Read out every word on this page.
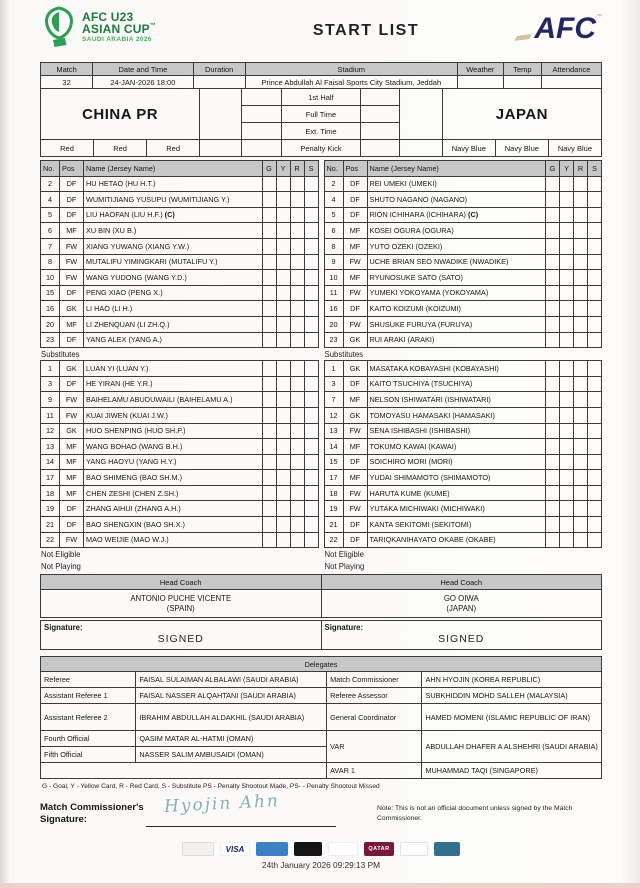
AFC U23
ASIAN CUP™
SAUDI ARABIA 2026
START LIST	AFC™
Match	Date and Time	Duration	Stadium	Weather	Temp	Attendance
32	24-JAN-2026 18:00		Prince Abdullah Al Faisal Sports City Stadium, Jeddah			
CHINA PR					1st Half			JAPAN		
					Full Time					
					Ext. Time					
Red	Red	Red			Penalty Kick			Navy Blue	Navy Blue	Navy Blue
No.	Pos	Name (Jersey Name)	G	Y	R	S
2	DF	HU HETAO (HU H.T.)				
4	DF	WUMITIJIANG YUSUPU (WUMITIJIANG Y.)				
5	DF	LIU HAOFAN (LIU H.F.) (C)				
6	MF	XU BIN (XU B.)				
7	FW	XIANG YUWANG (XIANG Y.W.)				
8	FW	MUTALIFU YIMINGKARI (MUTALIFU Y.)				
10	FW	WANG YUDONG (WANG Y.D.)				
15	DF	PENG XIAO (PENG X.)				
16	GK	LI HAO (LI H.)				
20	MF	LI ZHENQUAN (LI ZH.Q.)				
23	DF	YANG ALEX (YANG A.)				
No.	Pos	Name (Jersey Name)	G	Y	R	S
2	DF	REI UMEKI (UMEKI)				
4	DF	SHUTO NAGANO (NAGANO)				
5	DF	RION ICHIHARA (ICHIHARA) (C)				
6	MF	KOSEI OGURA (OGURA)				
8	MF	YUTO OZEKI (OZEKI)				
9	FW	UCHE BRIAN SEO NWADIKE (NWADIKE)				
10	MF	RYUNOSUKE SATO (SATO)				
11	FW	YUMEKI YOKOYAMA (YOKOYAMA)				
16	DF	KAITO KOIZUMI (KOIZUMI)				
20	FW	SHUSUKE FURUYA (FURUYA)				
23	GK	RUI ARAKI (ARAKI)				
Substitutes	Substitutes
1	GK	LUAN YI (LUAN Y.)				
3	DF	HE YIRAN (HE Y.R.)				
9	FW	BAIHELAMU ABUDUWAILI (BAIHELAMU A.)				
11	FW	KUAI JIWEN (KUAI J.W.)				
12	GK	HUO SHENPING (HUO SH.P.)				
13	MF	WANG BOHAO (WANG B.H.)				
14	MF	YANG HAOYU (YANG H.Y.)				
17	MF	BAO SHIMENG (BAO SH.M.)				
18	MF	CHEN ZESHI (CHEN Z.SH.)				
19	DF	ZHANG AIHUI (ZHANG A.H.)				
21	DF	BAO SHENGXIN (BAO SH.X.)				
22	FW	MAO WEIJIE (MAO W.J.)				
1	GK	MASATAKA KOBAYASHI (KOBAYASHI)				
3	DF	KAITO TSUCHIYA (TSUCHIYA)				
7	MF	NELSON ISHIWATARI (ISHIWATARI)				
12	GK	TOMOYASU HAMASAKI (HAMASAKI)				
13	FW	SENA ISHIBASHI (ISHIBASHI)				
14	MF	TOKUMO KAWAI (KAWAI)				
15	DF	SOICHIRO MORI (MORI)				
17	MF	YUDAI SHIMAMOTO (SHIMAMOTO)				
18	FW	HARUTA KUME (KUME)				
19	FW	YUTAKA MICHIWAKI (MICHIWAKI)				
21	DF	KANTA SEKITOMI (SEKITOMI)				
22	DF	TARIQKANIHAYATO OKABE (OKABE)				
Not Eligible	Not Eligible
Not Playing	Not Playing
Head Coach	Head Coach

ANTONIO PUCHE VICENTE
(SPAIN)

GO OIWA
(JAPAN)
Signature:
SIGNED

Signature:
SIGNED
Delegates			
Referee	FAISAL SULAIMAN ALBALAWI (SAUDI ARABIA)	Match Commissioner	AHN HYOJIN (KOREA REPUBLIC)
Assistant Referee 1	FAISAL NASSER ALQAHTANI (SAUDI ARABIA)	Referee Assessor	SUBKHIDDIN MOHD SALLEH (MALAYSIA)
Assistant Referee 2	IBRAHIM ABDULLAH ALDAKHIL (SAUDI ARABIA)	General Coordinator	HAMED MOMENI (ISLAMIC REPUBLIC OF IRAN)
Fourth Official	QASIM MATAR AL-HATMI (OMAN)	VAR	ABDULLAH DHAFER A ALSHEHRI (SAUDI ARABIA)
Fifth Official	NASSER SALIM AMBUSAIDI (OMAN)		
		AVAR 1	MUHAMMAD TAQI (SINGAPORE)
G - Goal, Y - Yellow Card, R - Red Card, S - Substitute PS - Penalty Shootout Made, PS- - Penalty Shootout Missed
Match Commissioner's
Signature:
Hyojin Ahn	Note: This is not an official document unless signed by the Match Commissioner.
VISA	QATAR
24th January 2026 09:29:13 PM
